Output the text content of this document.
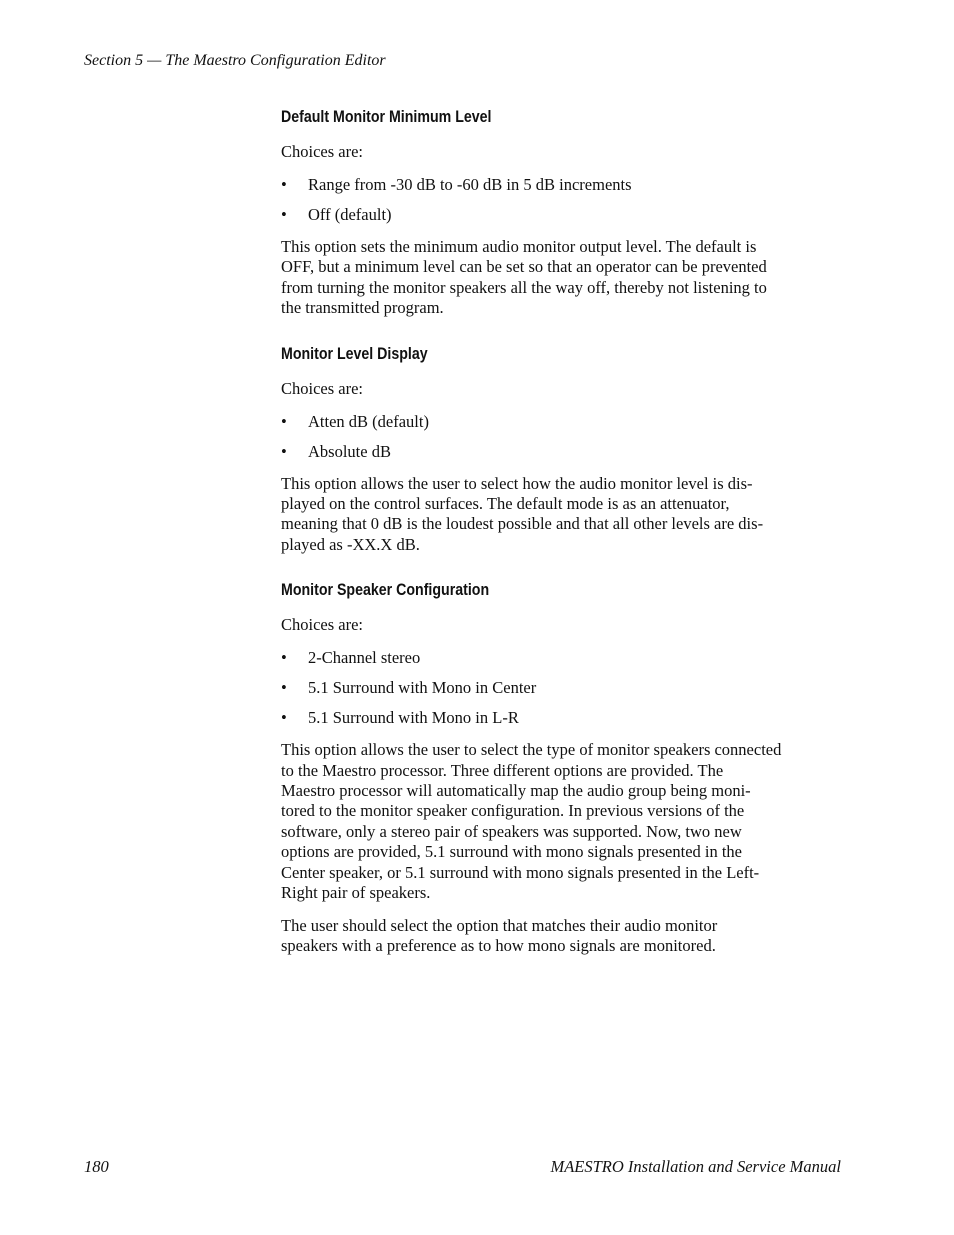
Section 5 — The Maestro Configuration Editor
Default Monitor Minimum Level

Choices are:

• Range from -30 dB to -60 dB in 5 dB increments
• Off (default)

This option sets the minimum audio monitor output level. The default is
OFF, but a minimum level can be set so that an operator can be prevented
from turning the monitor speakers all the way off, thereby not listening to
the transmitted program.

Monitor Level Display

Choices are:

• Atten dB (default)
• Absolute dB

This option allows the user to select how the audio monitor level is dis-
played on the control surfaces. The default mode is as an attenuator,
meaning that 0 dB is the loudest possible and that all other levels are dis-
played as -XX.X dB.

Monitor Speaker Configuration

Choices are:

• 2-Channel stereo
• 5.1 Surround with Mono in Center
• 5.1 Surround with Mono in L-R

This option allows the user to select the type of monitor speakers connected
to the Maestro processor. Three different options are provided. The
Maestro processor will automatically map the audio group being moni-
tored to the monitor speaker configuration. In previous versions of the
software, only a stereo pair of speakers was supported. Now, two new
options are provided, 5.1 surround with mono signals presented in the
Center speaker, or 5.1 surround with mono signals presented in the Left-
Right pair of speakers.

The user should select the option that matches their audio monitor
speakers with a preference as to how mono signals are monitored.

180	MAESTRO Installation and Service Manual
